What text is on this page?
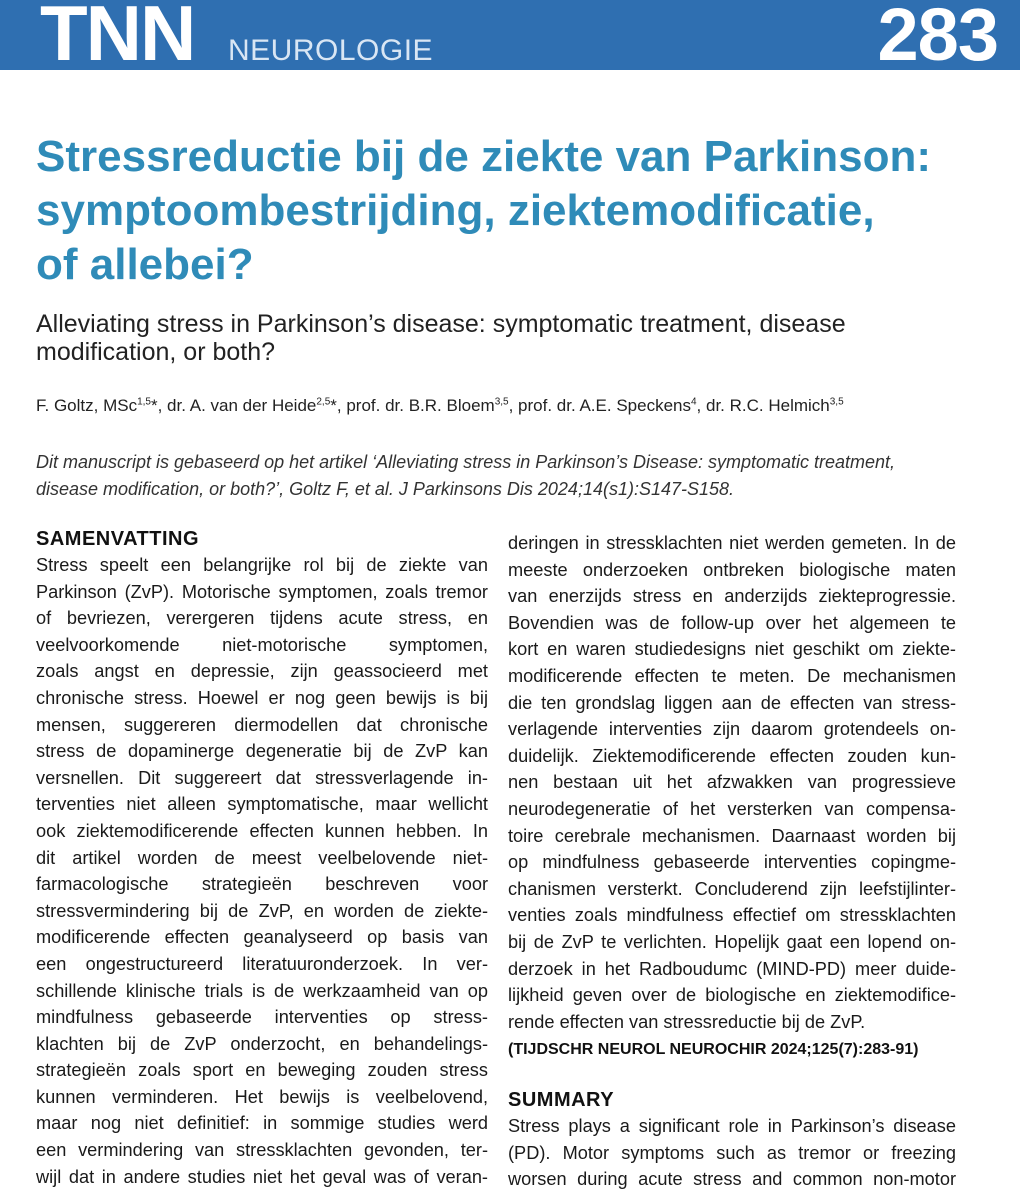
TNN NEUROLOGIE	283
Stressreductie bij de ziekte van Parkinson:
symptoombestrijding, ziektemodificatie,
of allebei?
Alleviating stress in Parkinson’s disease: symptomatic treatment, disease
modification, or both?
F. Goltz, MSc$^{1,5}$*, dr. A. van der Heide$^{2,5}$*, prof. dr. B.R. Bloem$^{3,5}$, prof. dr. A.E. Speckens$^4$, dr. R.C. Helmich$^{3,5}$
Dit manuscript is gebaseerd op het artikel ‘Alleviating stress in Parkinson’s Disease: symptomatic treatment,
disease modification, or both?’, Goltz F, et al. J Parkinsons Dis 2024;14(s1):S147-S158.
SAMENVATTING
Stress speelt een belangrijke rol bij de ziekte van
Parkinson (ZvP). Motorische symptomen, zoals tremor
of bevriezen, verergeren tijdens acute stress, en
veelvoorkomende niet-motorische symptomen,
zoals angst en depressie, zijn geassocieerd met
chronische stress. Hoewel er nog geen bewijs is bij
mensen, suggereren diermodellen dat chronische
stress de dopaminerge degeneratie bij de ZvP kan
versnellen. Dit suggereert dat stressverlagende in-
terventies niet alleen symptomatische, maar wellicht
ook ziektemodificerende effecten kunnen hebben. In
dit artikel worden de meest veelbelovende niet-
farmacologische strategieën beschreven voor
stressvermindering bij de ZvP, en worden de ziekte-
modificerende effecten geanalyseerd op basis van
een ongestructureerd literatuuronderzoek. In ver-
schillende klinische trials is de werkzaamheid van op
mindfulness gebaseerde interventies op stress-
klachten bij de ZvP onderzocht, en behandelings-
strategieën zoals sport en beweging zouden stress
kunnen verminderen. Het bewijs is veelbelovend,
maar nog niet definitief: in sommige studies werd
een vermindering van stressklachten gevonden, ter-
wijl dat in andere studies niet het geval was of veran-
deringen in stressklachten niet werden gemeten. In de
meeste onderzoeken ontbreken biologische maten
van enerzijds stress en anderzijds ziekteprogressie.
Bovendien was de follow-up over het algemeen te
kort en waren studiedesigns niet geschikt om ziekte-
modificerende effecten te meten. De mechanismen
die ten grondslag liggen aan de effecten van stress-
verlagende interventies zijn daarom grotendeels on-
duidelijk. Ziektemodificerende effecten zouden kun-
nen bestaan uit het afzwakken van progressieve
neurodegeneratie of het versterken van compensa-
toire cerebrale mechanismen. Daarnaast worden bij
op mindfulness gebaseerde interventies copingme-
chanismen versterkt. Concluderend zijn leefstijlinter-
venties zoals mindfulness effectief om stressklachten
bij de ZvP te verlichten. Hopelijk gaat een lopend on-
derzoek in het Radboudumc (MIND-PD) meer duide-
lijkheid geven over de biologische en ziektemodifice-
rende effecten van stressreductie bij de ZvP.
(TIJDSCHR NEUROL NEUROCHIR 2024;125(7):283-91)
SUMMARY
Stress plays a significant role in Parkinson’s disease
(PD). Motor symptoms such as tremor or freezing
worsen during acute stress and common non-motor
